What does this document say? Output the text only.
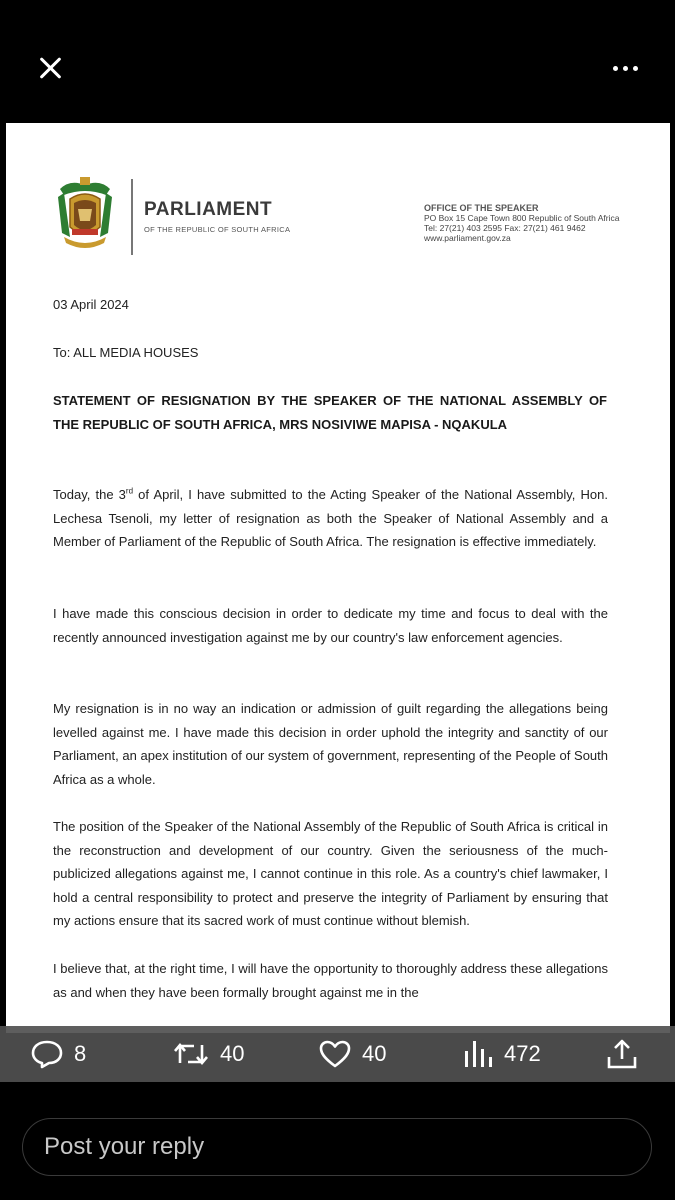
PARLIAMENT
OF THE REPUBLIC OF SOUTH AFRICA
OFFICE OF THE SPEAKER
PO Box 15 Cape Town 800 Republic of South Africa
Tel: 27(21) 403 2595 Fax: 27(21) 461 9462
www.parliament.gov.za
03 April 2024
To: ALL MEDIA HOUSES
STATEMENT OF RESIGNATION BY THE SPEAKER OF THE NATIONAL ASSEMBLY OF THE REPUBLIC OF SOUTH AFRICA, MRS NOSIVIWE MAPISA - NQAKULA

Today, the 3rd of April, I have submitted to the Acting Speaker of the National Assembly, Hon. Lechesa Tsenoli, my letter of resignation as both the Speaker of National Assembly and a Member of Parliament of the Republic of South Africa. The resignation is effective immediately.

I have made this conscious decision in order to dedicate my time and focus to deal with the recently announced investigation against me by our country's law enforcement agencies.

My resignation is in no way an indication or admission of guilt regarding the allegations being levelled against me. I have made this decision in order uphold the integrity and sanctity of our Parliament, an apex institution of our system of government, representing of the People of South Africa as a whole.

The position of the Speaker of the National Assembly of the Republic of South Africa is critical in the reconstruction and development of our country. Given the seriousness of the much-publicized allegations against me, I cannot continue in this role. As a country's chief lawmaker, I hold a central responsibility to protect and preserve the integrity of Parliament by ensuring that my actions ensure that its sacred work of must continue without blemish.

I believe that, at the right time, I will have the opportunity to thoroughly address these allegations as and when they have been formally brought against me in the

8	40	40	472
Post your reply
